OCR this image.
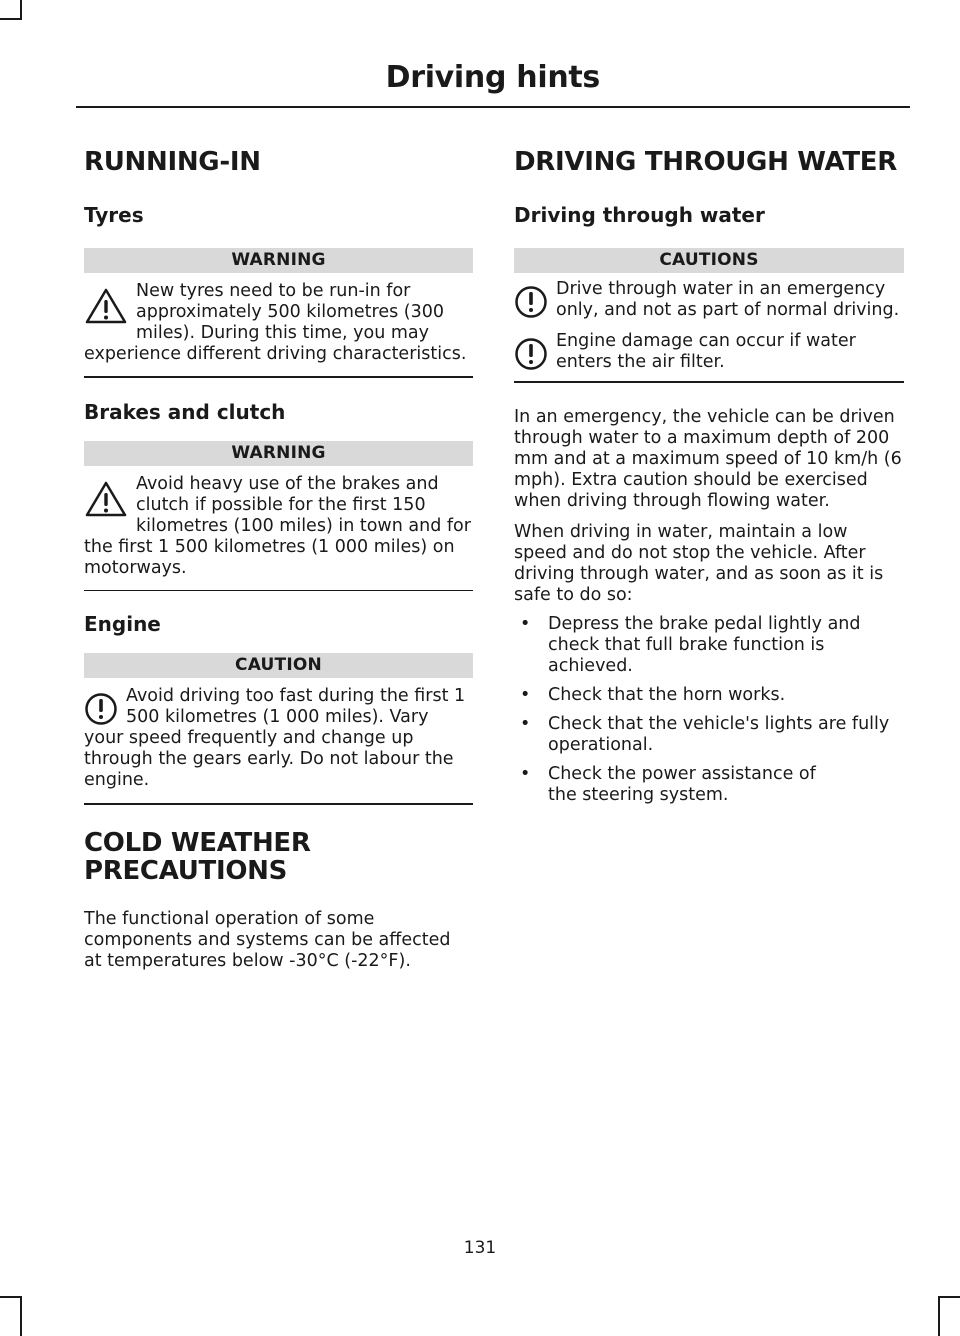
Driving hints
RUNNING-IN
Tyres
WARNING

New tyres need to be run-in for approximately 500 kilometres (300 miles). During this time, you may experience different driving characteristics.

Brakes and clutch
WARNING

Avoid heavy use of the brakes and clutch if possible for the first 150 kilometres (100 miles) in town and for the first 1 500 kilometres (1 000 miles) on motorways.

Engine
CAUTION

Avoid driving too fast during the first 1 500 kilometres (1 000 miles). Vary your speed frequently and change up through the gears early. Do not labour the engine.

COLD WEATHER
PRECAUTIONS

The functional operation of some components and systems can be affected at temperatures below -30°C (-22°F).

DRIVING THROUGH WATER
Driving through water
CAUTIONS

Drive through water in an emergency only, and not as part of normal driving.

Engine damage can occur if water enters the air filter.

In an emergency, the vehicle can be driven through water to a maximum depth of 200 mm and at a maximum speed of 10 km/h (6 mph). Extra caution should be exercised when driving through flowing water.

When driving in water, maintain a low speed and do not stop the vehicle. After driving through water, and as soon as it is safe to do so:

• Depress the brake pedal lightly and check that full brake function is achieved.
• Check that the horn works.
• Check that the vehicle's lights are fully operational.
• Check the power assistance of the steering system.
131
